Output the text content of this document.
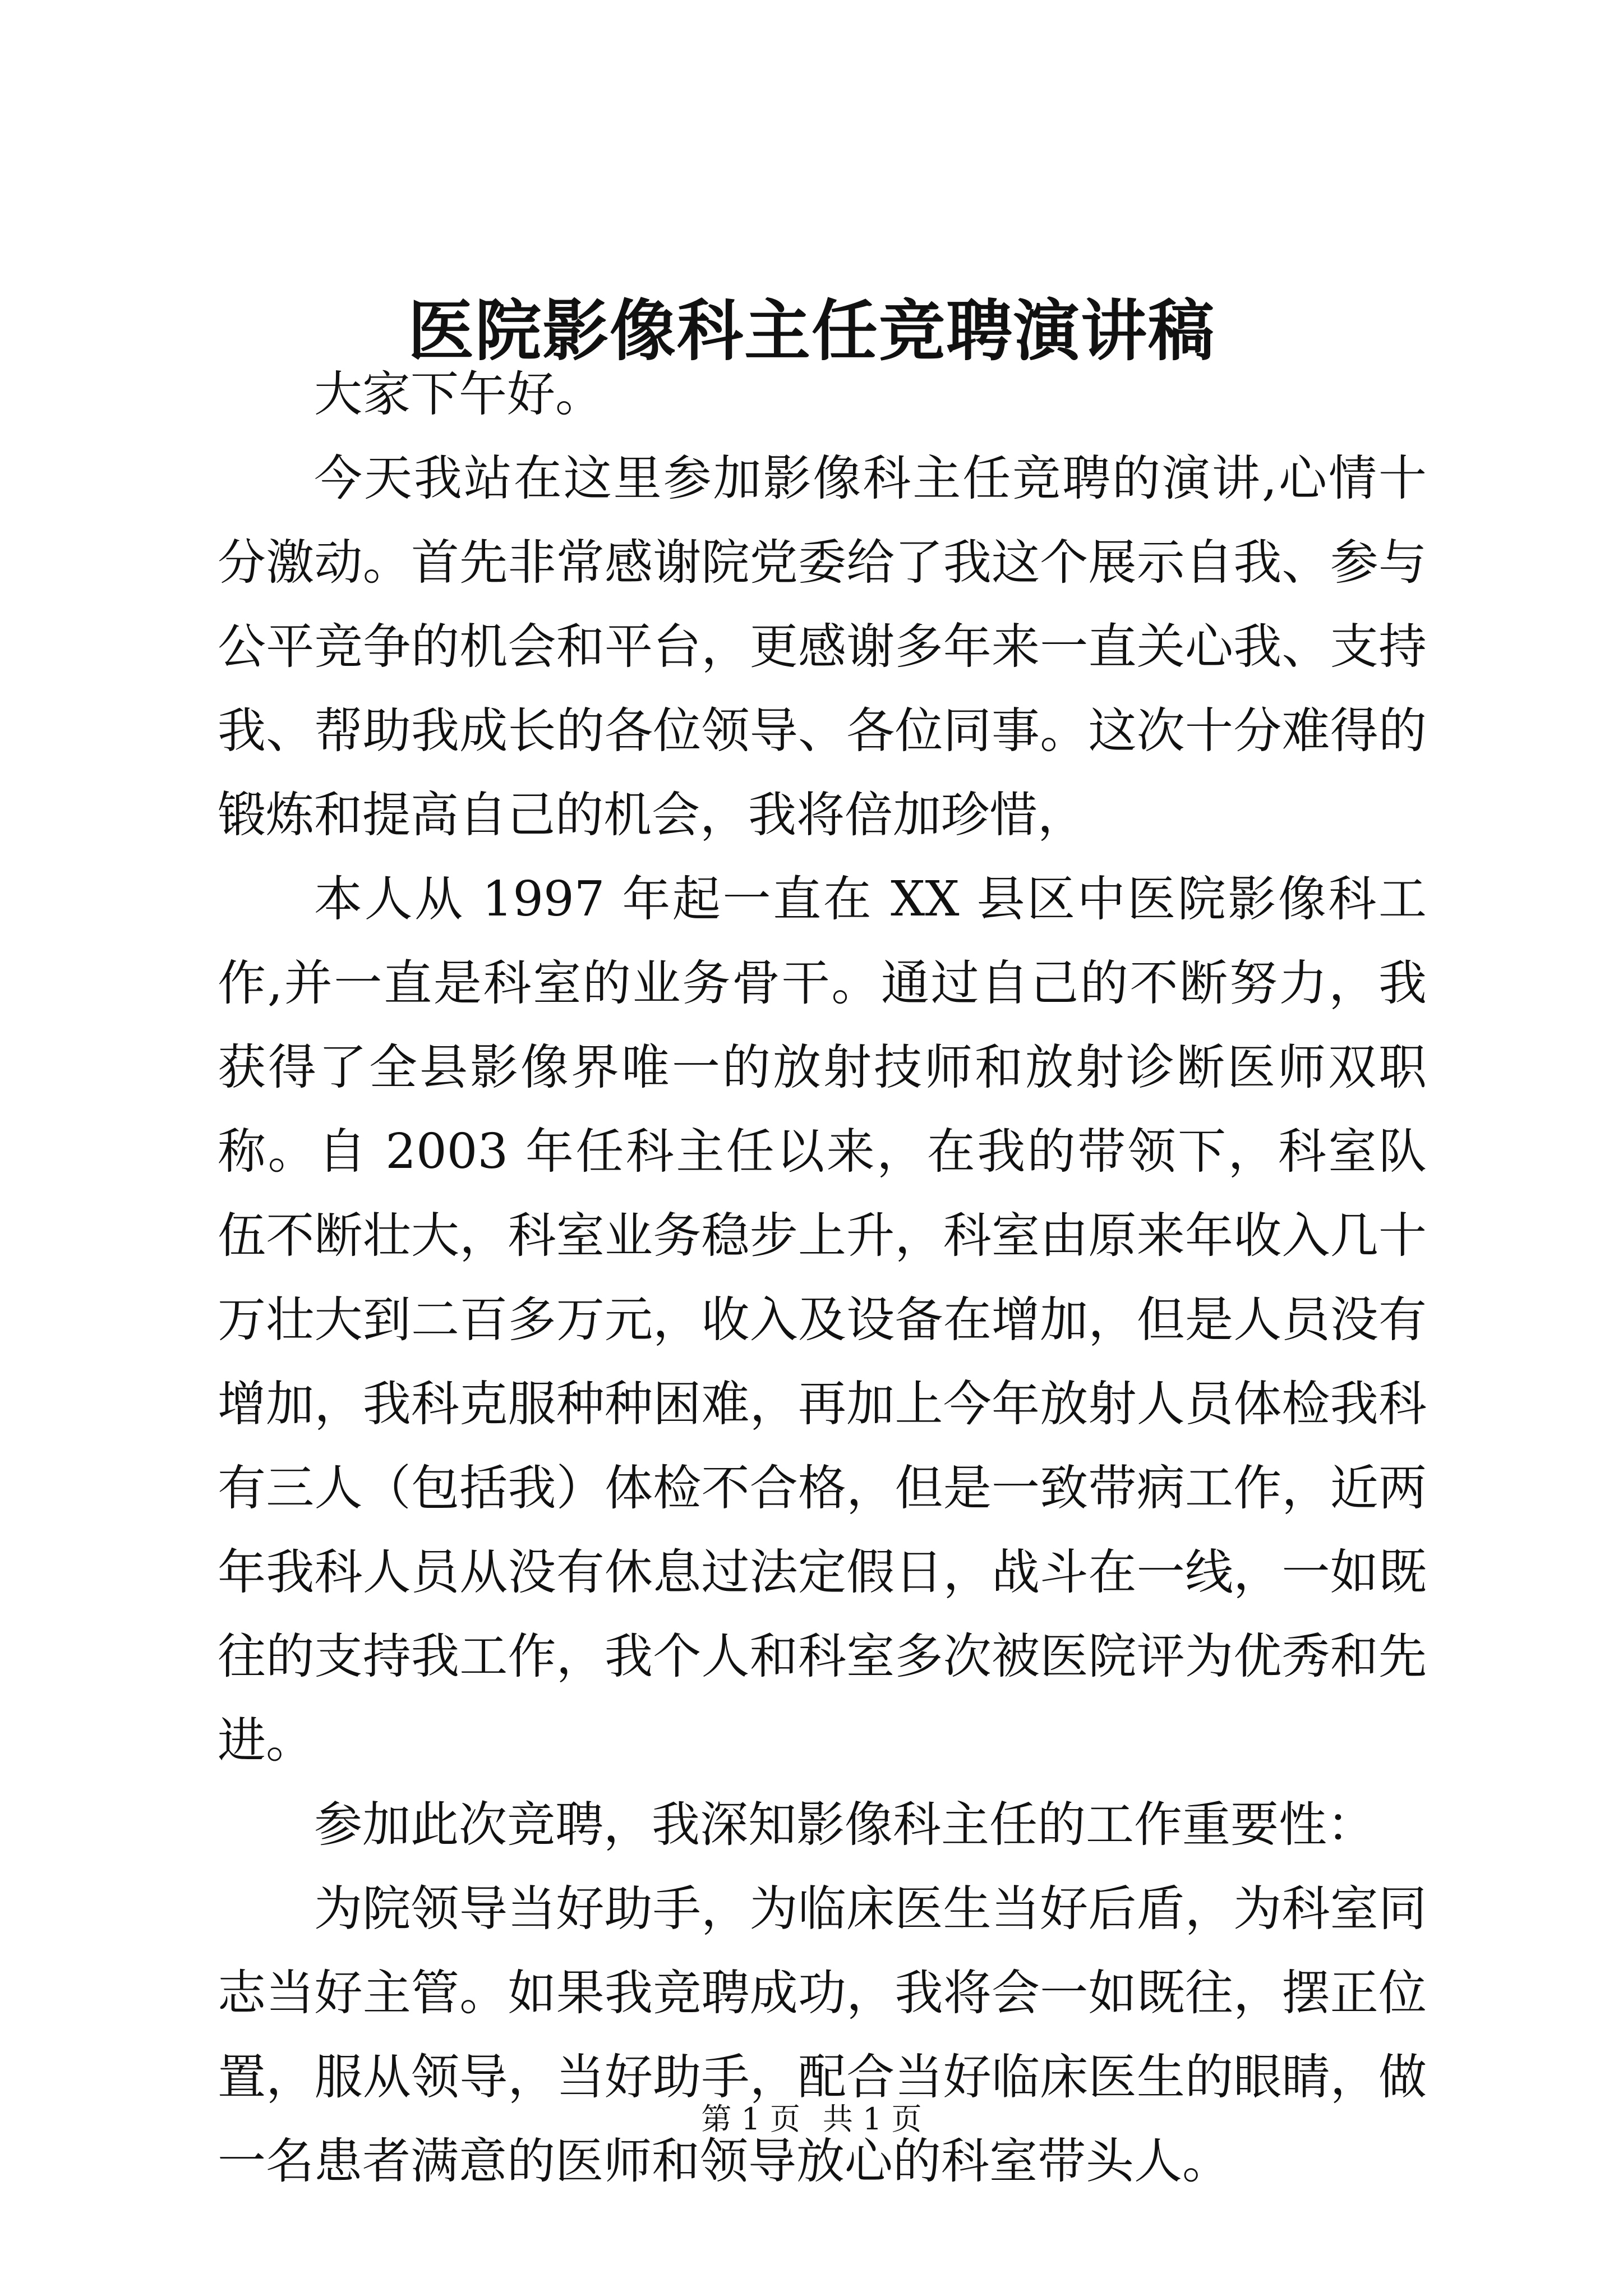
医院影像科主任竞聘演讲稿

大家下午好。

今天我站在这里参加影像科主任竞聘的演讲,心情十分激动。首先非常感谢院党委给了我这个展示自我、参与公平竞争的机会和平台，更感谢多年来一直关心我、支持我、帮助我成长的各位领导、各位同事。这次十分难得的锻炼和提高自己的机会，我将倍加珍惜，

本人从 1997 年起一直在 XX 县区中医院影像科工作,并一直是科室的业务骨干。通过自己的不断努力，我获得了全县影像界唯一的放射技师和放射诊断医师双职称。自 2003 年任科主任以来，在我的带领下，科室队伍不断壮大，科室业务稳步上升，科室由原来年收入几十万壮大到二百多万元，收入及设备在增加，但是人员没有增加，我科克服种种困难，再加上今年放射人员体检我科有三人（包括我）体检不合格，但是一致带病工作，近两年我科人员从没有休息过法定假日，战斗在一线，一如既往的支持我工作，我个人和科室多次被医院评为优秀和先进。

参加此次竞聘，我深知影像科主任的工作重要性：

为院领导当好助手，为临床医生当好后盾，为科室同志当好主管。如果我竞聘成功，我将会一如既往，摆正位置，服从领导，当好助手，配合当好临床医生的眼睛，做一名患者满意的医师和领导放心的科室带头人。

第 1 页 共 1 页
